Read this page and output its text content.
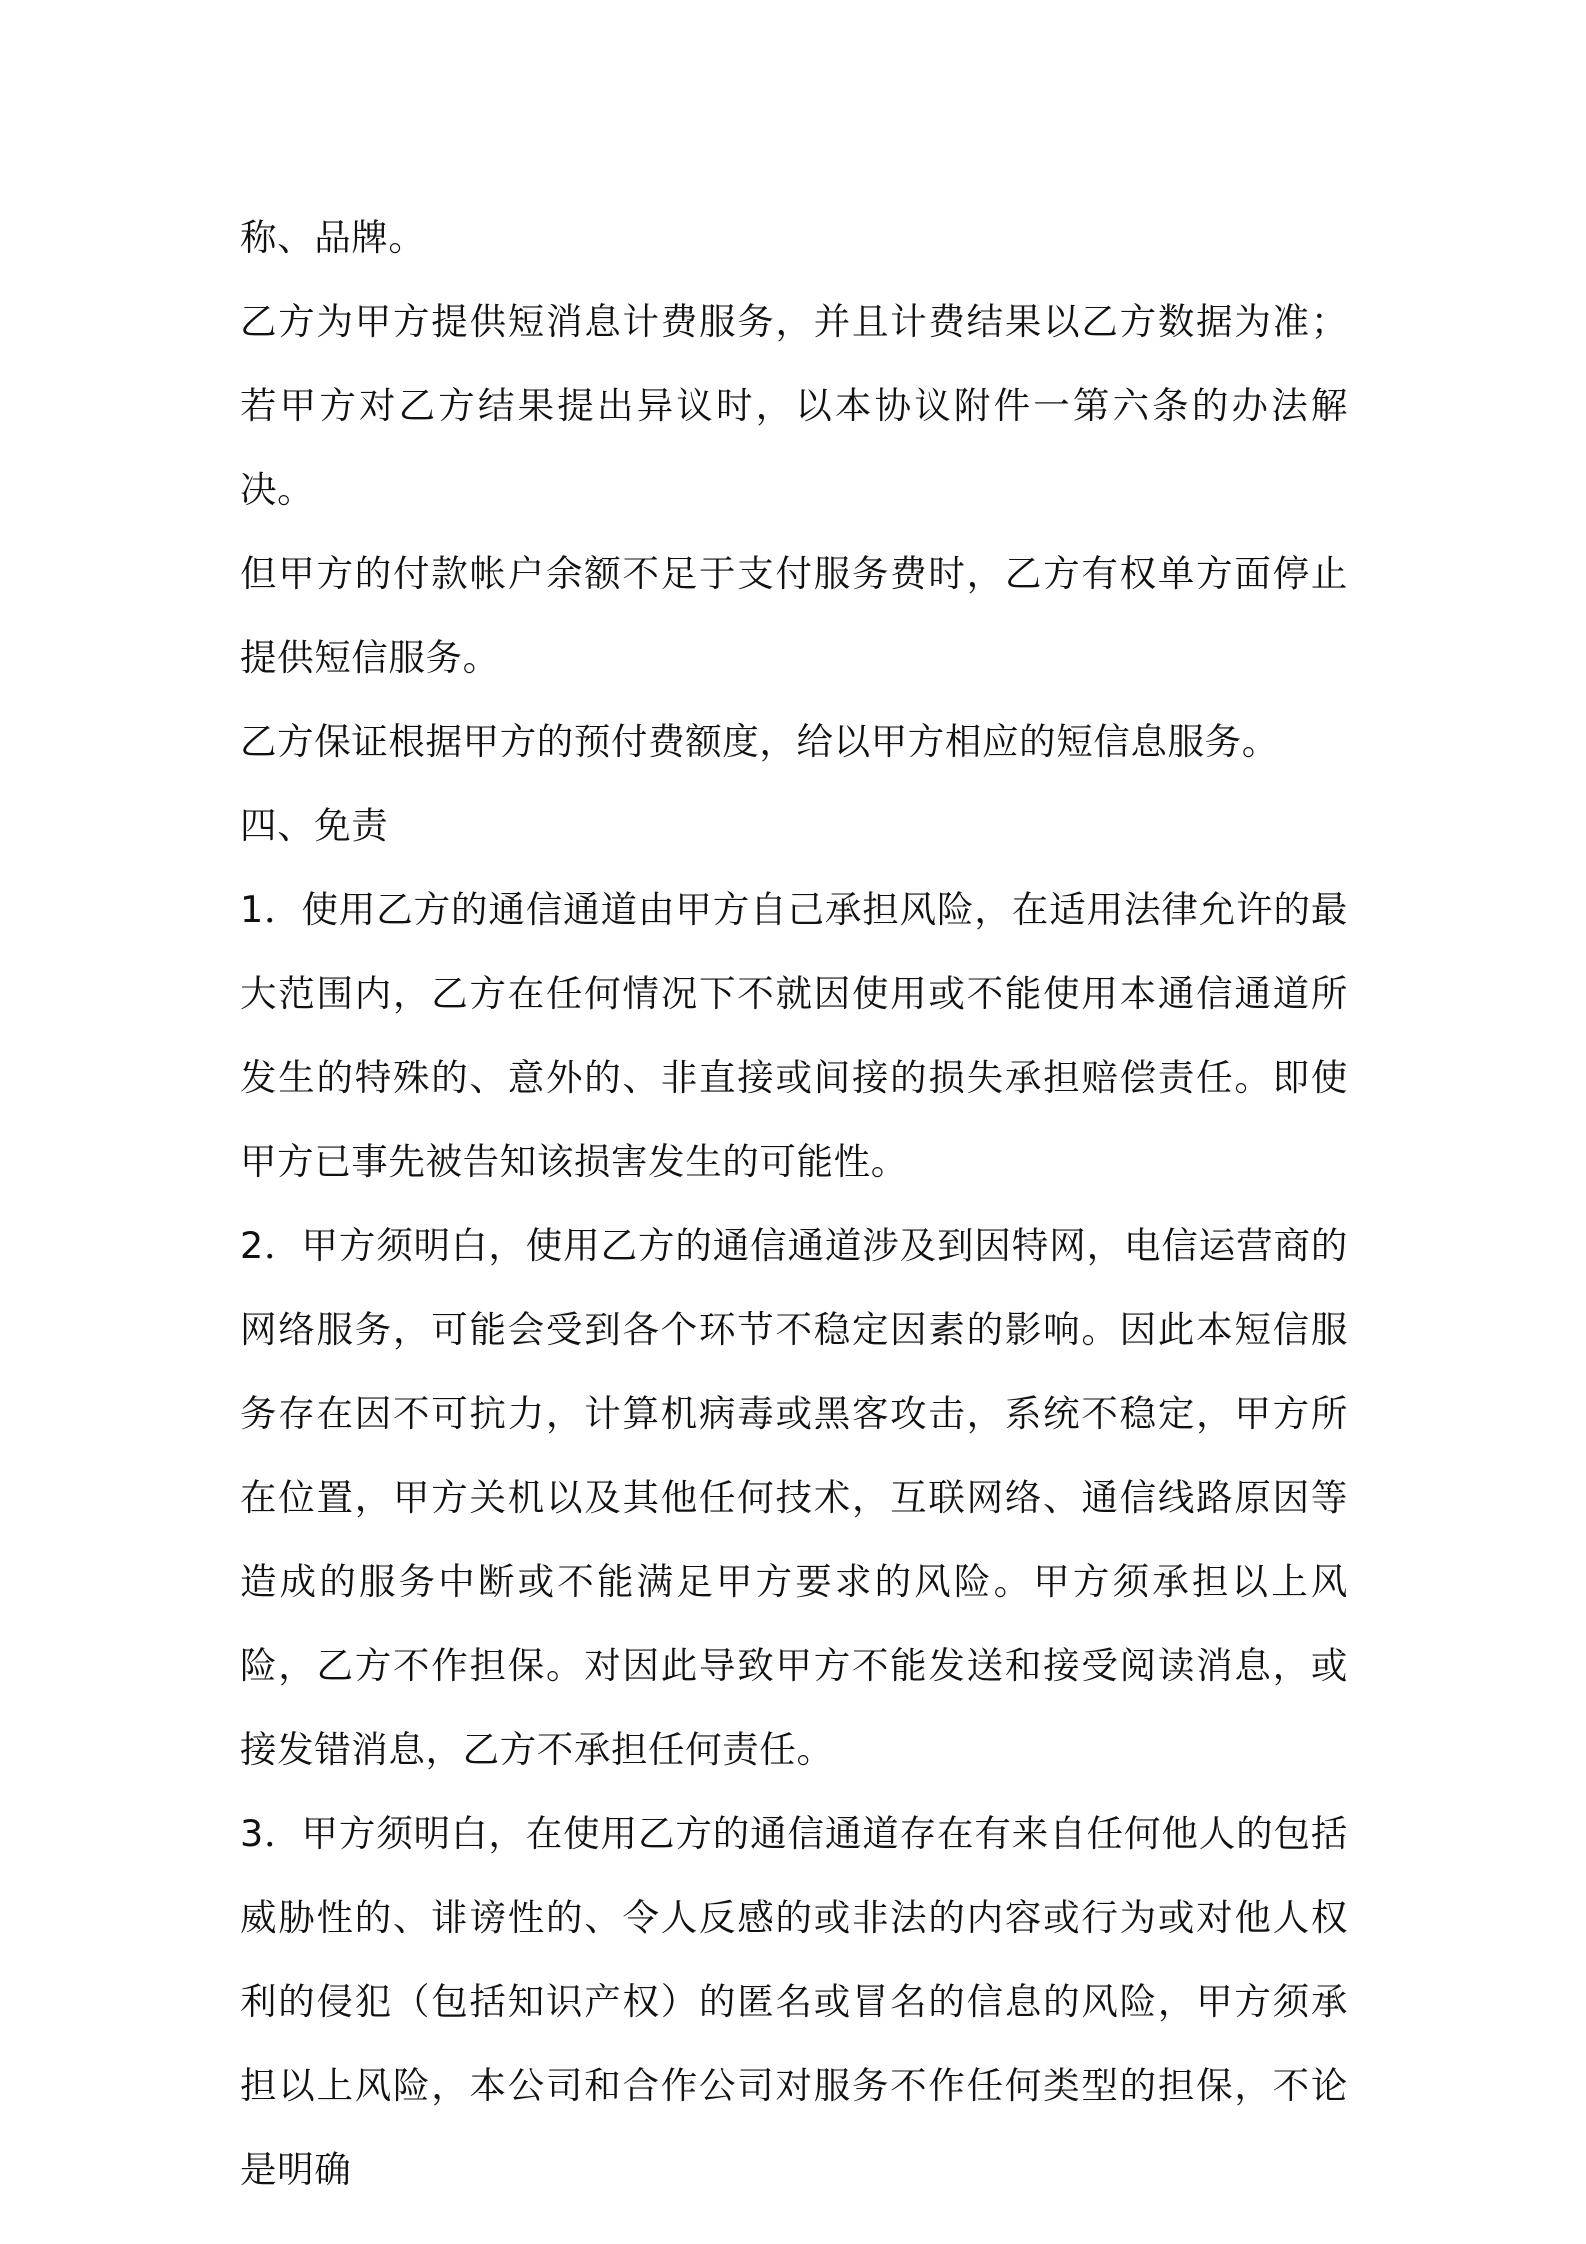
称、品牌。

乙方为甲方提供短消息计费服务，并且计费结果以乙方数据为准；若甲方对乙方结果提出异议时，以本协议附件一第六条的办法解决。

但甲方的付款帐户余额不足于支付服务费时，乙方有权单方面停止提供短信服务。

乙方保证根据甲方的预付费额度，给以甲方相应的短信息服务。

四、免责

1．使用乙方的通信通道由甲方自己承担风险，在适用法律允许的最大范围内，乙方在任何情况下不就因使用或不能使用本通信通道所发生的特殊的、意外的、非直接或间接的损失承担赔偿责任。即使甲方已事先被告知该损害发生的可能性。

2．甲方须明白，使用乙方的通信通道涉及到因特网，电信运营商的网络服务，可能会受到各个环节不稳定因素的影响。因此本短信服务存在因不可抗力，计算机病毒或黑客攻击，系统不稳定，甲方所在位置，甲方关机以及其他任何技术，互联网络、通信线路原因等造成的服务中断或不能满足甲方要求的风险。甲方须承担以上风险，乙方不作担保。对因此导致甲方不能发送和接受阅读消息，或接发错消息，乙方不承担任何责任。

3．甲方须明白，在使用乙方的通信通道存在有来自任何他人的包括威胁性的、诽谤性的、令人反感的或非法的内容或行为或对他人权利的侵犯（包括知识产权）的匿名或冒名的信息的风险，甲方须承担以上风险，本公司和合作公司对服务不作任何类型的担保，不论是明确
